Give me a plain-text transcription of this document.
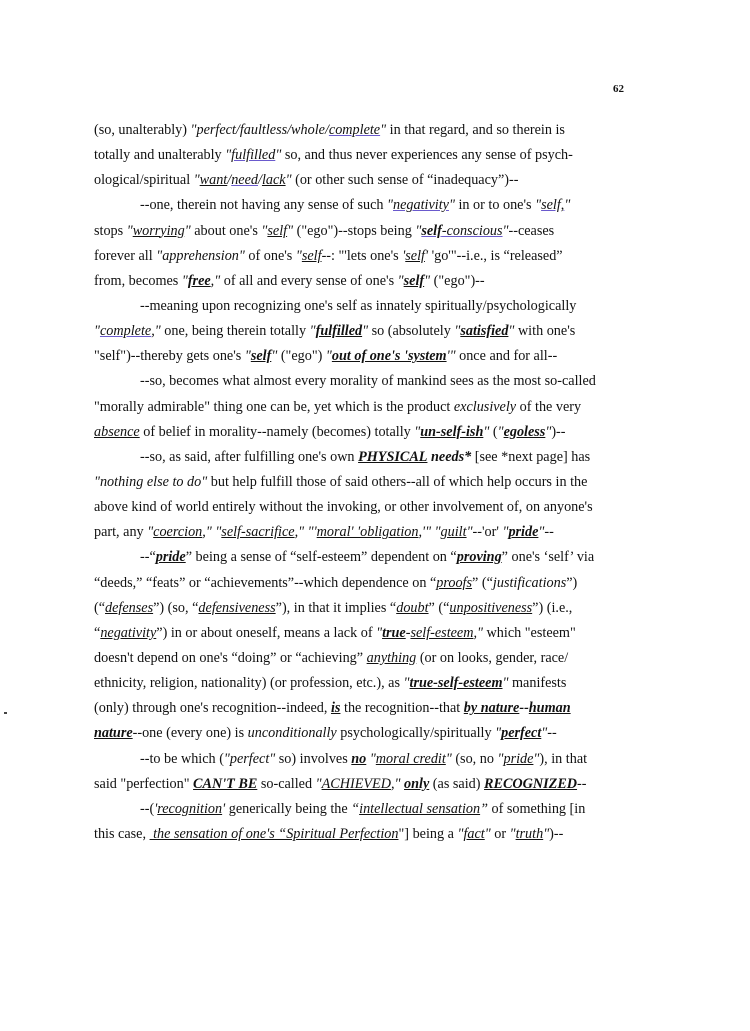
62
(so, unalterably) "perfect/faultless/whole/complete" in that regard, and so therein is
totally and unalterably "fulfilled" so, and thus never experiences any sense of psych-
ological/spiritual "want/need/lack" (or other such sense of “inadequacy”)--
--one, therein not having any sense of such "negativity" in or to one's "self,"
stops "worrying" about one's "self" ("ego")--stops being "self-conscious"--ceases
forever all "apprehension" of one's "self--: "'lets one's 'self' 'go'"--i.e., is “released”
from, becomes "free," of all and every sense of one's "self" ("ego")--
--meaning upon recognizing one's self as innately spiritually/psychologically
"complete," one, being therein totally "fulfilled" so (absolutely "satisfied" with one's
"self")--thereby gets one's "self" ("ego") "out of one's 'system'" once and for all--
--so, becomes what almost every morality of mankind sees as the most so-called
"morally admirable" thing one can be, yet which is the product exclusively of the very
absence of belief in morality--namely (becomes) totally "un-self-ish" ("egoless")--
--so, as said, after fulfilling one's own PHYSICAL needs* [see *next page] has
"nothing else to do" but help fulfill those of said others--all of which help occurs in the
above kind of world entirely without the invoking, or other involvement of, on anyone's
part, any "coercion," "self-sacrifice," "'moral' 'obligation,'" "guilt"--'or' "pride"--
--“pride” being a sense of “self-esteem” dependent on “proving” one's ‘self’ via
“deeds,” “feats” or “achievements”--which dependence on “proofs” (“justifications”)
(“defenses”) (so, “defensiveness”), in that it implies “doubt” (“unpositiveness”) (i.e.,
“negativity”) in or about oneself, means a lack of "true-self-esteem," which "esteem"
doesn't depend on one's “doing” or “achieving” anything (or on looks, gender, race/
ethnicity, religion, nationality) (or profession, etc.), as "true-self-esteem" manifests
(only) through one's recognition--indeed, is the recognition--that by nature--human
nature--one (every one) is unconditionally psychologically/spiritually "perfect"--
--to be which ("perfect" so) involves no "moral credit" (so, no "pride"), in that
said "perfection" CAN'T BE so-called "ACHIEVED," only (as said) RECOGNIZED--
--('recognition' generically being the “intellectual sensation” of something [in
this case,  the sensation of one's “Spiritual Perfection"] being a "fact" or "truth")--
